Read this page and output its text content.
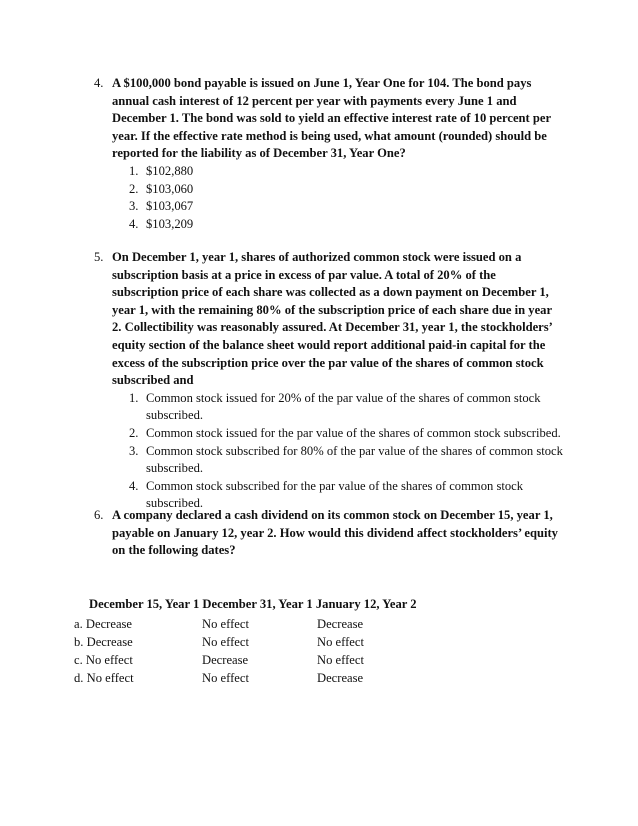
4. A $100,000 bond payable is issued on June 1, Year One for 104. The bond pays annual cash interest of 12 percent per year with payments every June 1 and December 1. The bond was sold to yield an effective interest rate of 10 percent per year. If the effective rate method is being used, what amount (rounded) should be reported for the liability as of December 31, Year One?
1. $102,880
2. $103,060
3. $103,067
4. $103,209
5. On December 1, year 1, shares of authorized common stock were issued on a subscription basis at a price in excess of par value. A total of 20% of the subscription price of each share was collected as a down payment on December 1, year 1, with the remaining 80% of the subscription price of each share due in year 2. Collectibility was reasonably assured. At December 31, year 1, the stockholders’ equity section of the balance sheet would report additional paid-in capital for the excess of the subscription price over the par value of the shares of common stock subscribed and
1. Common stock issued for 20% of the par value of the shares of common stock subscribed.
2. Common stock issued for the par value of the shares of common stock subscribed.
3. Common stock subscribed for 80% of the par value of the shares of common stock subscribed.
4. Common stock subscribed for the par value of the shares of common stock subscribed.
6. A company declared a cash dividend on its common stock on December 15, year 1, payable on January 12, year 2. How would this dividend affect stockholders’ equity on the following dates?
December 15, Year 1 December 31, Year 1 January 12, Year 2
a. Decrease	No effect	Decrease
b. Decrease	No effect	No effect
c. No effect	Decrease	No effect
d. No effect	No effect	Decrease
